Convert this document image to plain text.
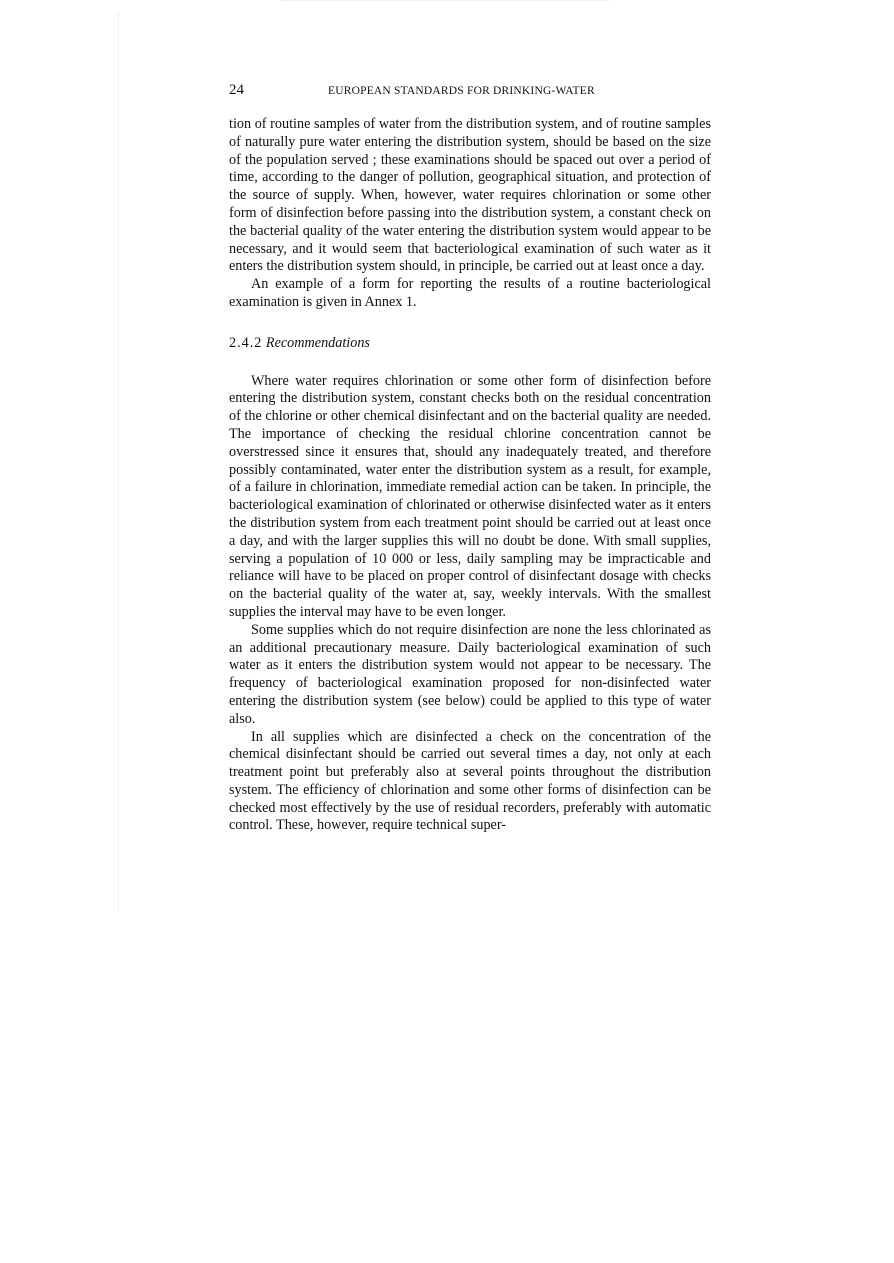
24	EUROPEAN STANDARDS FOR DRINKING-WATER

tion of routine samples of water from the distribution system, and of routine samples of naturally pure water entering the distribution system, should be based on the size of the population served ; these examinations should be spaced out over a period of time, according to the danger of pollution, geographical situation, and protection of the source of supply. When, however, water requires chlorination or some other form of disinfection before passing into the distribution system, a constant check on the bacterial quality of the water entering the distribution system would appear to be necessary, and it would seem that bacteriological examination of such water as it enters the distribution system should, in principle, be carried out at least once a day.

An example of a form for reporting the results of a routine bacteriological examination is given in Annex 1.

2.4.2 Recommendations

Where water requires chlorination or some other form of disinfection before entering the distribution system, constant checks both on the residual concentration of the chlorine or other chemical disinfectant and on the bacterial quality are needed. The importance of checking the residual chlorine concentration cannot be overstressed since it ensures that, should any inadequately treated, and therefore possibly contaminated, water enter the distribution system as a result, for example, of a failure in chlorination, immediate remedial action can be taken. In principle, the bacteriological examination of chlorinated or otherwise disinfected water as it enters the distribution system from each treatment point should be carried out at least once a day, and with the larger supplies this will no doubt be done. With small supplies, serving a population of 10 000 or less, daily sampling may be impracticable and reliance will have to be placed on proper control of disinfectant dosage with checks on the bacterial quality of the water at, say, weekly intervals. With the smallest supplies the interval may have to be even longer.

Some supplies which do not require disinfection are none the less chlorinated as an additional precautionary measure. Daily bacteriological examination of such water as it enters the distribution system would not appear to be necessary. The frequency of bacteriological examination proposed for non-disinfected water entering the distribution system (see below) could be applied to this type of water also.

In all supplies which are disinfected a check on the concentration of the chemical disinfectant should be carried out several times a day, not only at each treatment point but preferably also at several points throughout the distribution system. The efficiency of chlorination and some other forms of disinfection can be checked most effectively by the use of residual recorders, preferably with automatic control. These, however, require technical super-
